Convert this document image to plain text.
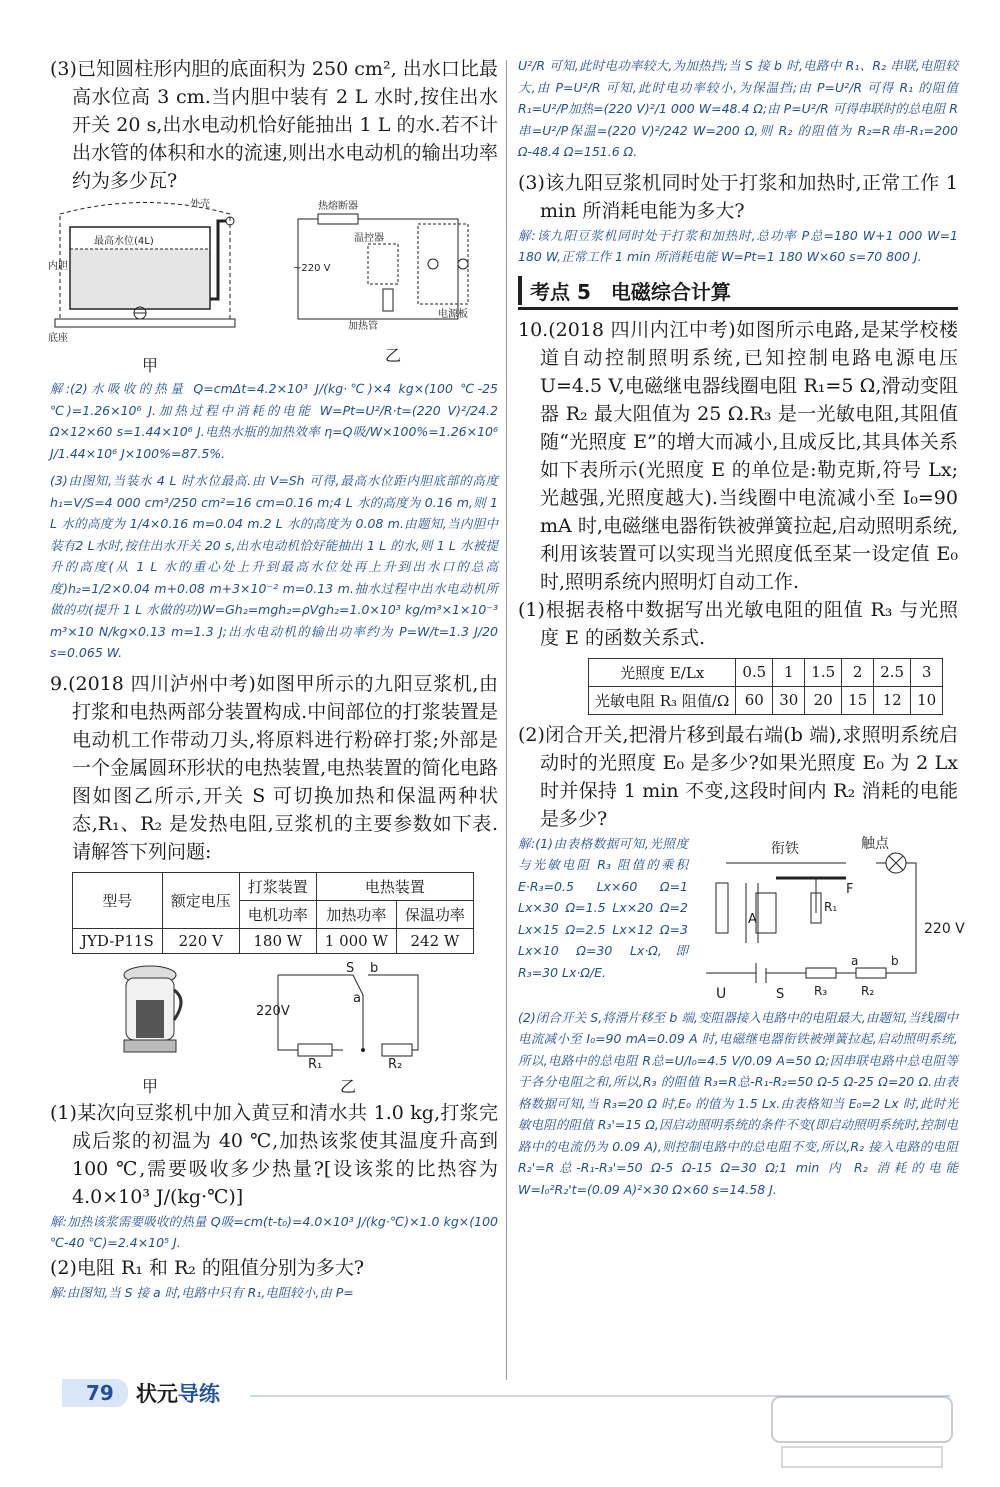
(3)已知圆柱形内胆的底面积为 250 cm², 出水口比最高水位高 3 cm.当内胆中装有 2 L 水时,按住出水开关 20 s,出水电动机恰好能抽出 1 L 的水.若不计出水管的体积和水的流速,则出水电动机的输出功率约为多少瓦?

最高水位(4L)
内胆
外壳
底座
甲
热熔断器
~220 V
加热管
温控器
电源板
乙

解:(2)水吸收的热量 Q=cmΔt=4.2×10³ J/(kg·℃)×4 kg×(100 ℃-25 ℃)=1.26×10⁶ J.加热过程中消耗的电能 W=Pt=U²/R·t=(220 V)²/24.2 Ω×12×60 s=1.44×10⁶ J.电热水瓶的加热效率 η=Q吸/W×100%=1.26×10⁶ J/1.44×10⁶ J×100%=87.5%.

(3)由图知,当装水 4 L 时水位最高.由 V=Sh 可得,最高水位距内胆底部的高度 h₁=V/S=4 000 cm³/250 cm²=16 cm=0.16 m;4 L 水的高度为 0.16 m,则 1 L 水的高度为 1/4×0.16 m=0.04 m.2 L 水的高度为 0.08 m.由题知,当内胆中装有2 L水时,按住出水开关 20 s,出水电动机恰好能抽出 1 L 的水,则 1 L 水被提升的高度(从 1 L 水的重心处上升到最高水位处再上升到出水口的总高度)h₂=1/2×0.04 m+0.08 m+3×10⁻² m=0.13 m.抽水过程中出水电动机所做的功(提升 1 L 水做的功)W=Gh₂=mgh₂=ρVgh₂=1.0×10³ kg/m³×1×10⁻³ m³×10 N/kg×0.13 m=1.3 J;出水电动机的输出功率约为 P=W/t=1.3 J/20 s=0.065 W.

9.(2018 四川泸州中考)如图甲所示的九阳豆浆机,由打浆和电热两部分装置构成.中间部位的打浆装置是电动机工作带动刀头,将原料进行粉碎打浆;外部是一个金属圆环形状的电热装置,电热装置的简化电路图如图乙所示,开关 S 可切换加热和保温两种状态,R₁、R₂ 是发热电阻,豆浆机的主要参数如下表.请解答下列问题:

型号	额定电压	打浆装置	电热装置	
		电机功率	加热功率	保温功率
JYD-P11S	220 V	180 W	1 000 W	242 W
甲
220V
S b
a
R₁	R₂
乙

(1)某次向豆浆机中加入黄豆和清水共 1.0 kg,打浆完成后浆的初温为 40 ℃,加热该浆使其温度升高到 100 ℃,需要吸收多少热量?[设该浆的比热容为 4.0×10³ J/(kg·℃)]

解:加热该浆需要吸收的热量 Q吸=cm(t-t₀)=4.0×10³ J/(kg·℃)×1.0 kg×(100 ℃-40 ℃)=2.4×10⁵ J.

(2)电阻 R₁ 和 R₂ 的阻值分别为多大?

解:由图知,当 S 接 a 时,电路中只有 R₁,电阻较小,由 P=

U²/R 可知,此时电功率较大,为加热挡;当 S 接 b 时,电路中 R₁、R₂ 串联,电阻较大,由 P=U²/R 可知,此时电功率较小,为保温挡;由 P=U²/R 可得 R₁ 的阻值 R₁=U²/P加热=(220 V)²/1 000 W=48.4 Ω;由 P=U²/R 可得串联时的总电阻 R串=U²/P保温=(220 V)²/242 W=200 Ω,则 R₂ 的阻值为 R₂=R串-R₁=200 Ω-48.4 Ω=151.6 Ω.

(3)该九阳豆浆机同时处于打浆和加热时,正常工作 1 min 所消耗电能为多大?

解:该九阳豆浆机同时处于打浆和加热时,总功率 P总=180 W+1 000 W=1 180 W,正常工作 1 min 所消耗电能 W=Pt=1 180 W×60 s=70 800 J.

考点 5	电磁综合计算

10.(2018 四川内江中考)如图所示电路,是某学校楼道自动控制照明系统,已知控制电路电源电压 U=4.5 V,电磁继电器线圈电阻 R₁=5 Ω,滑动变阻器 R₂ 最大阻值为 25 Ω.R₃ 是一光敏电阻,其阻值随“光照度 E”的增大而减小,且成反比,其具体关系如下表所示(光照度 E 的单位是:勒克斯,符号 Lx;光越强,光照度越大).当线圈中电流减小至 I₀=90 mA 时,电磁继电器衔铁被弹簧拉起,启动照明系统,利用该装置可以实现当光照度低至某一设定值 E₀ 时,照明系统内照明灯自动工作.

(1)根据表格中数据写出光敏电阻的阻值 R₃ 与光照度 E 的函数关系式.

光照度 E/Lx	0.5	1	1.5	2	2.5	3
光敏电阻 R₃ 阻值/Ω	60	30	20	15	12	10

(2)闭合开关,把滑片移到最右端(b 端),求照明系统启动时的光照度 E₀ 是多少?如果光照度 E₀ 为 2 Lx 时并保持 1 min 不变,这段时间内 R₂ 消耗的电能是多少?

解:(1)由表格数据可知,光照度与光敏电阻 R₃ 阻值的乘积 E·R₃=0.5 Lx×60 Ω=1 Lx×30 Ω=1.5 Lx×20 Ω=2 Lx×15 Ω=2.5 Lx×12 Ω=3 Lx×10 Ω=30 Lx·Ω,即 R₃=30 Lx·Ω/E.

触点
衔铁
F
A
R₁
220 V
S R₃	R₂
a	b
U

(2)闭合开关 S,将滑片移至 b 端,变阻器接入电路中的电阻最大,由题知,当线圈中电流减小至 I₀=90 mA=0.09 A 时,电磁继电器衔铁被弹簧拉起,启动照明系统,所以,电路中的总电阻 R总=U/I₀=4.5 V/0.09 A=50 Ω;因串联电路中总电阻等于各分电阻之和,所以,R₃ 的阻值 R₃=R总-R₁-R₂=50 Ω-5 Ω-25 Ω=20 Ω.由表格数据可知,当 R₃=20 Ω 时,E₀ 的值为 1.5 Lx.由表格知当 E₀=2 Lx 时,此时光敏电阻的阻值 R₃'=15 Ω,因启动照明系统的条件不变(即启动照明系统时,控制电路中的电流仍为 0.09 A),则控制电路中的总电阻不变,所以,R₂ 接入电路的电阻 R₂'=R总-R₁-R₃'=50 Ω-5 Ω-15 Ω=30 Ω;1 min 内 R₂ 消耗的电能 W=I₀²R₂'t=(0.09 A)²×30 Ω×60 s=14.58 J.

79	状元导练
